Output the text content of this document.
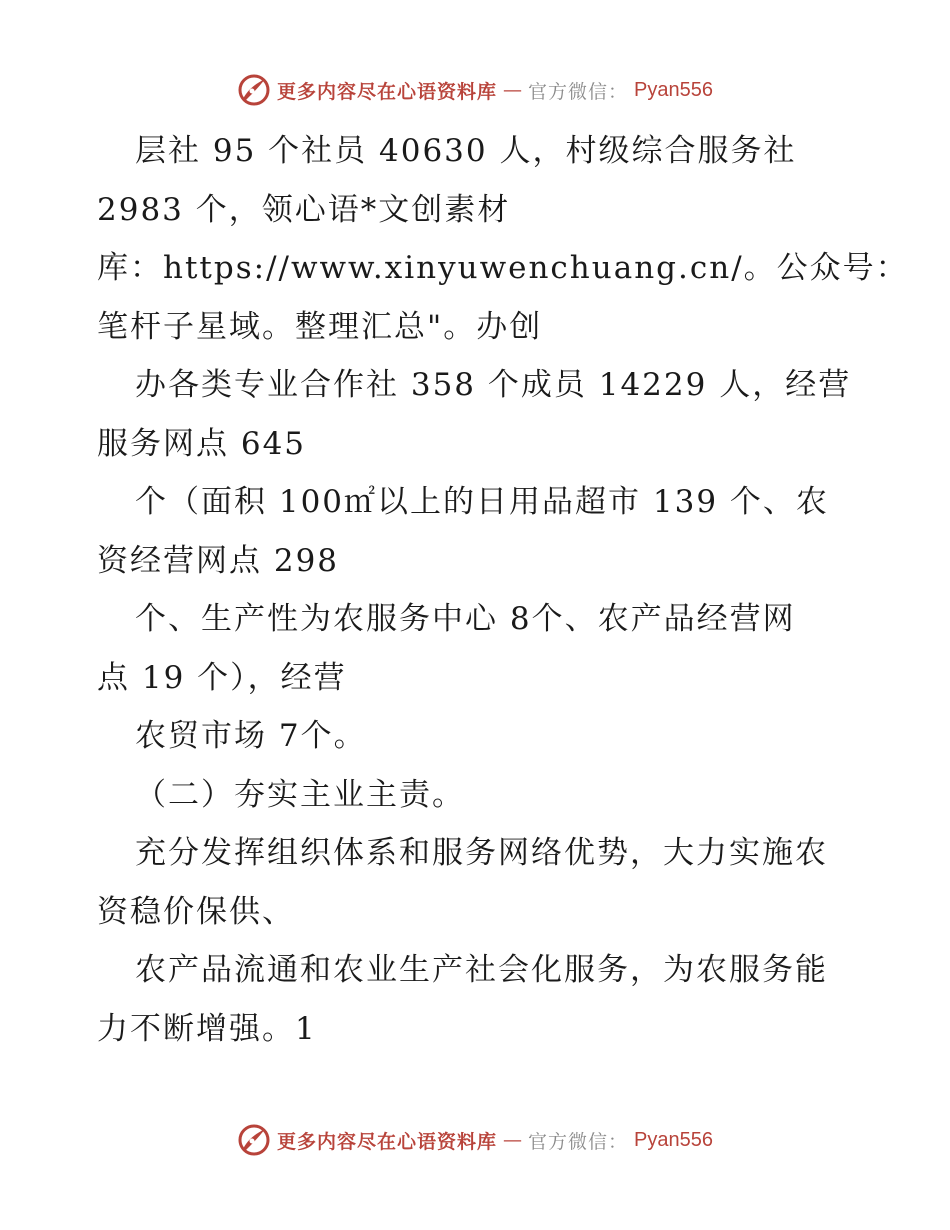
更多内容尽在心语资料库 — 官方微信： Pyan556
层社 95 个社员 40630 人，村级综合服务社
2983 个，领心语*文创素材
库：https://www.xinyuwenchuang.cn/。公众号：
笔杆子星域。整理汇总"。办创
办各类专业合作社 358 个成员 14229 人，经营
服务网点 645
个（面积 100㎡以上的日用品超市 139 个、农
资经营网点 298
个、生产性为农服务中心 8个、农产品经营网
点 19 个），经营
农贸市场 7个。
（二）夯实主业主责。
充分发挥组织体系和服务网络优势，大力实施农
资稳价保供、
农产品流通和农业生产社会化服务，为农服务能
力不断增强。1
更多内容尽在心语资料库 — 官方微信： Pyan556
